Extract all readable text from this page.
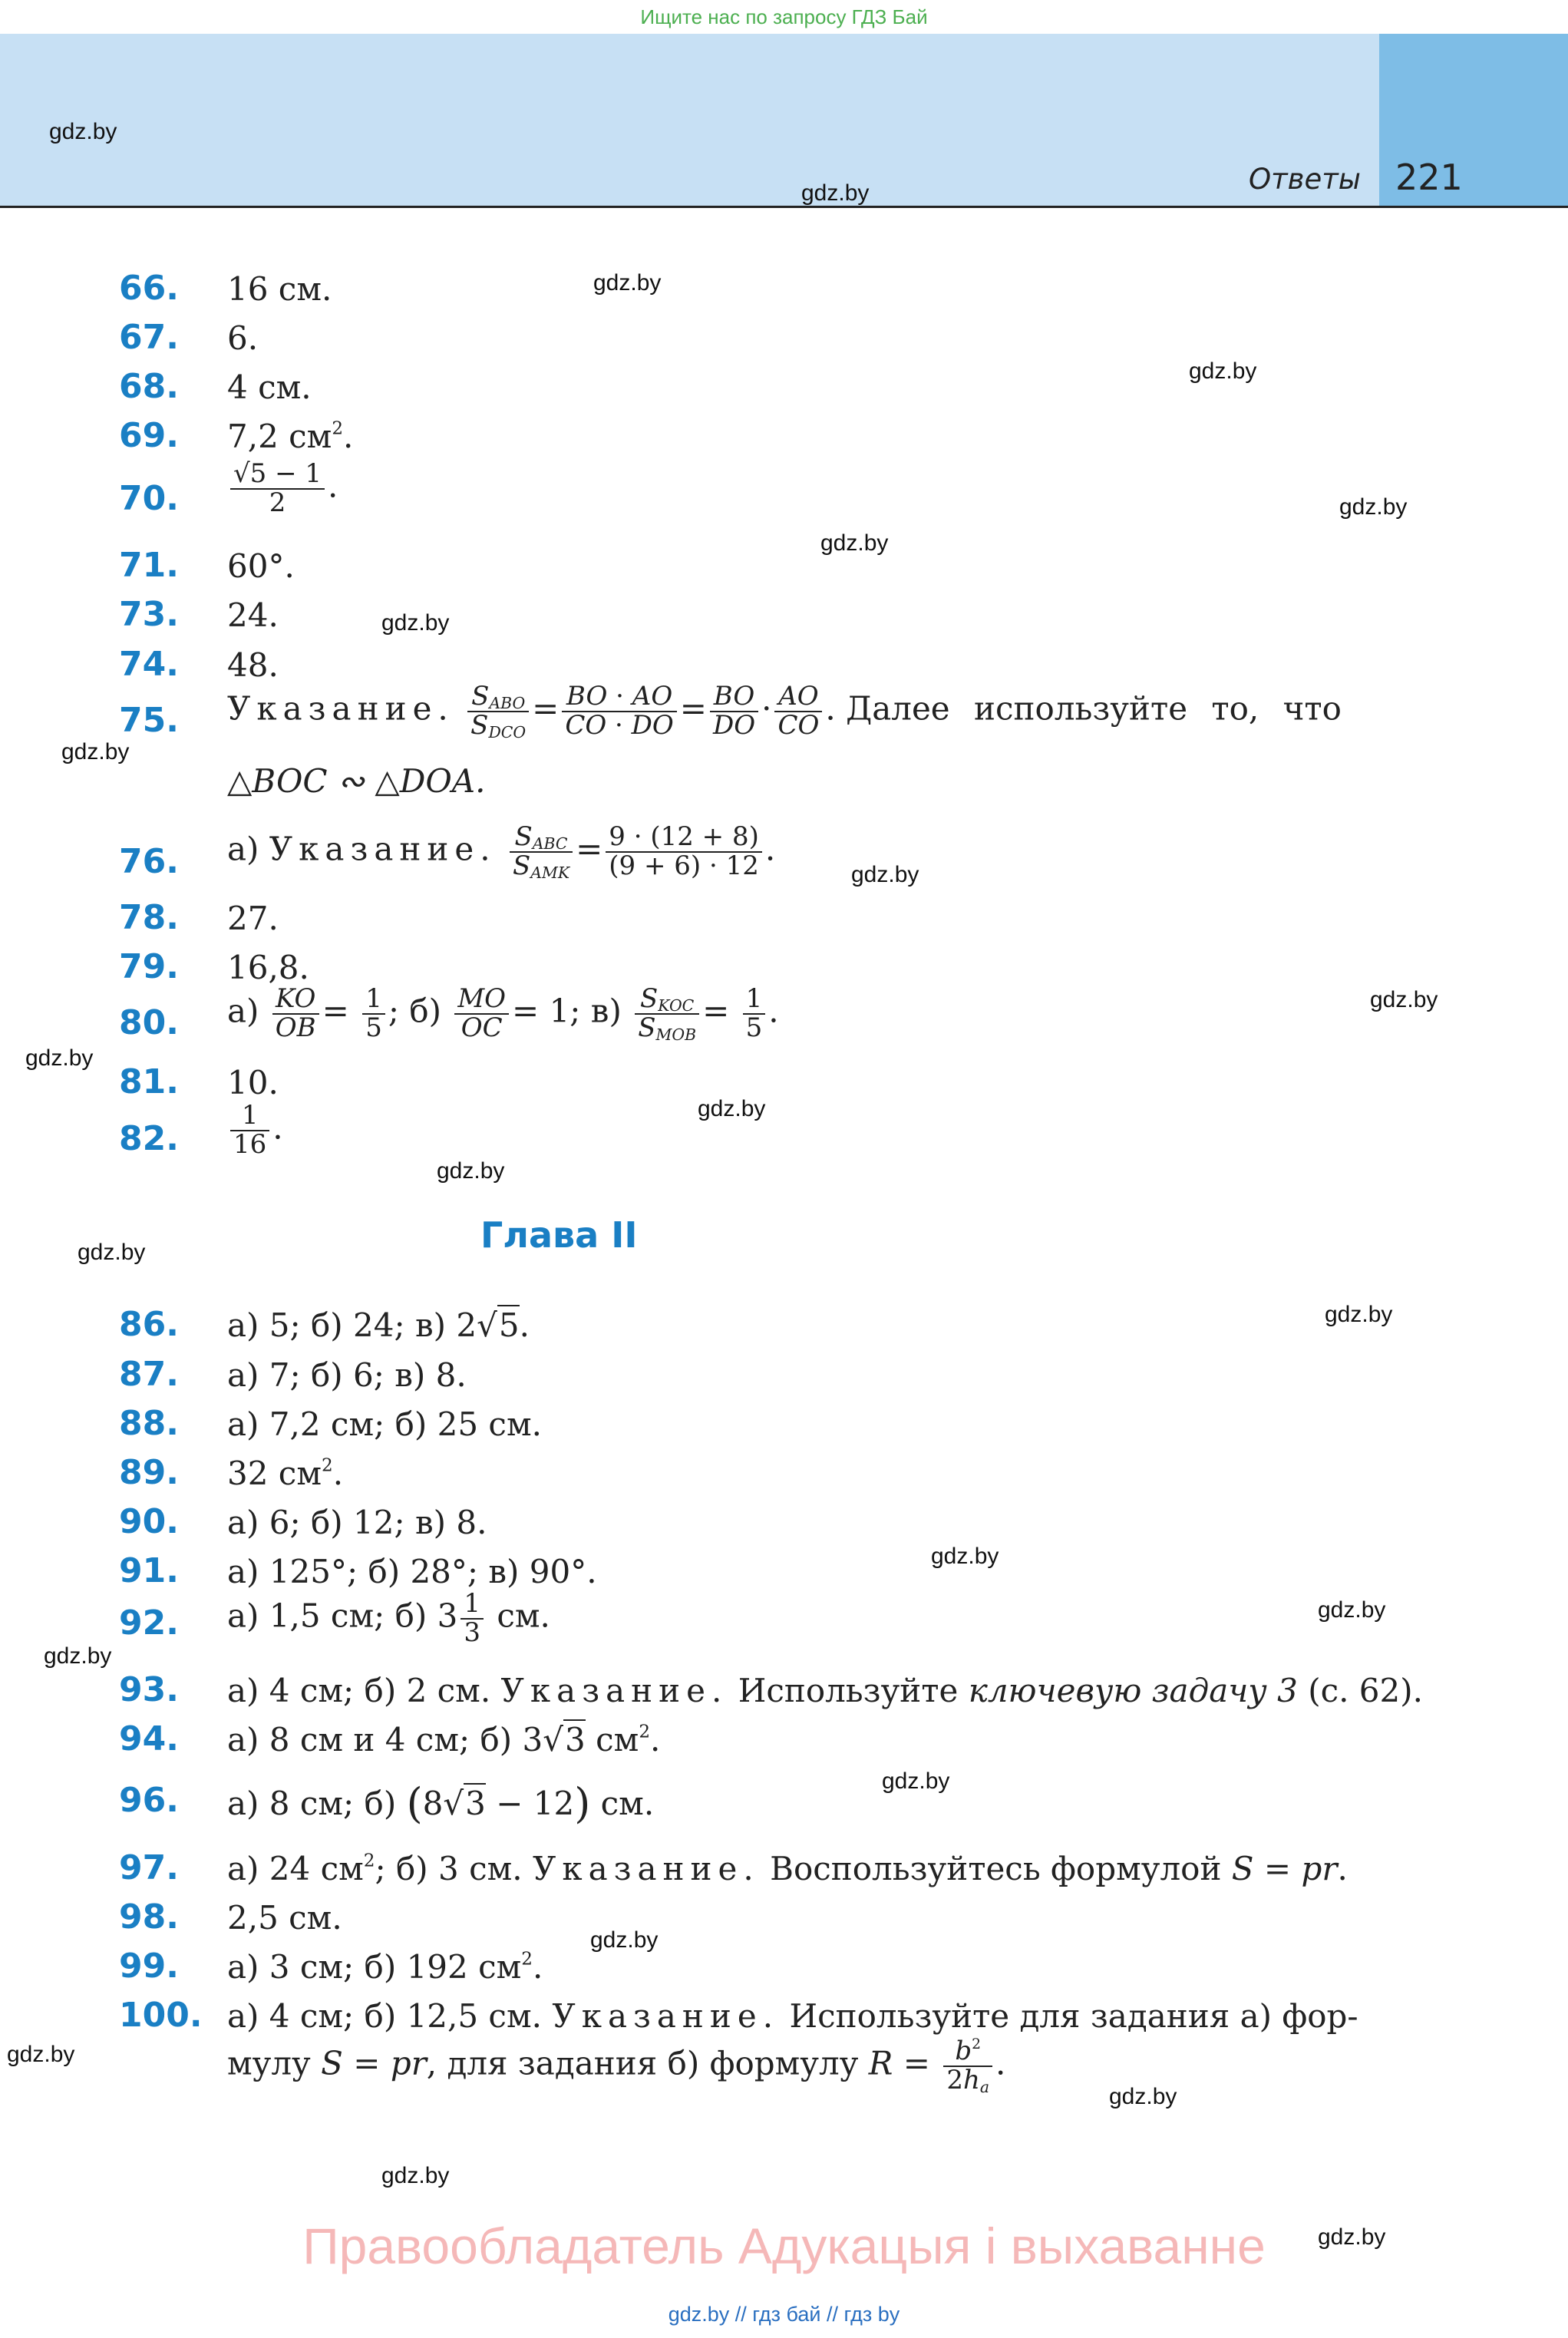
Ищите нас по запросу ГДЗ Бай
Ответы 221
gdz.by
gdz.by
gdz.by
gdz.by
gdz.by
gdz.by
gdz.by
gdz.by
gdz.by
gdz.by
gdz.by
gdz.by
gdz.by
gdz.by
gdz.by
gdz.by
gdz.by
gdz.by
gdz.by
gdz.by
gdz.by
gdz.by
gdz.by
gdz.by
66. 16 см.
67. 6.
68. 4 см.
69. 7,2 $см^2$.
70. $\frac{√5 - 1}{2}$ .
71. 60°.
73. 24.
74. 48.
75. Указание. $\frac{S_{ABO}}{S_{DCO}} = \frac{BO \cdot AO}{CO \cdot DO} = \frac{BO}{DO} \cdot \frac{AO}{CO}$ . Далее используйте то, что
△BOC ∾ △DOA.
76. а) Указание. $\frac{S_{ABC}}{S_{AMK}} = \frac{9 \cdot (12 + 8)}{(9 + 6) \cdot 12}$ .
78. 27.
79. 16,8.
80. $а) \frac{KO}{OB} = \frac{1}{5}$ ; $б) \frac{MO}{OC} = 1$; $в) \frac{S_{KOC}}{S_{MOB}} = \frac{1}{5}$ .
81. 10.
82. $\frac{1}{16}$ .
Глава II
86. а) 5; б) 24; в) 2√5.
87. а) 7; б) 6; в) 8.
88. а) 7,2 см; б) 25 см.
89. 32 $см^2$.
90. а) 6; б) 12; в) 8.
91. а) 125°; б) 28°; в) 90°.
92. а) 1,5 см; б) $3 \frac{1}{3}$ см.
93. а) 4 см; б) 2 см. Указание. Используйте ключевую задачу 3 (с. 62).
94. а) 8 см и 4 см; б) 3√3 $см^2$.
96. а) 8 см; б) (8√3 − 12) см.
97. а) 24 $см^2$; б) 3 см. Указание. Воспользуйтесь формулой S = pr.
98. 2,5 см.
99. а) 3 см; б) 192 $см^2$.
100. а) 4 см; б) 12,5 см. Указание. Используйте для задания а) фор-
мулу S = pr, для задания б) формулу $R = \frac{b^2}{2h_a}$ .
Правообладатель Адукацыя і выхаванне
gdz.by // гдз бай // гдз by
